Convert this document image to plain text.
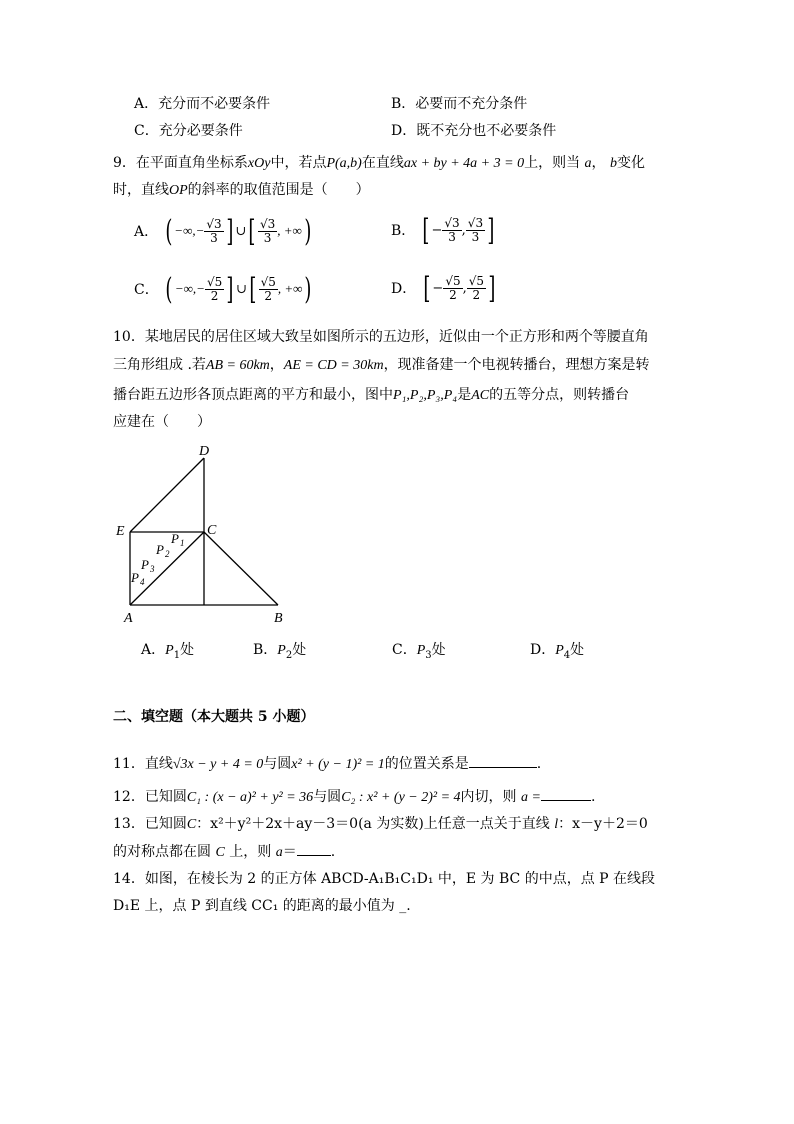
A．充分而不必要条件	B．必要而不充分条件
C．充分必要条件	D．既不充分也不必要条件
9．在平面直角坐标系xOy中，若点P(a,b)在直线ax + by + 4a + 3 = 0上，则当 a， b变化
时，直线OP的斜率的取值范围是（　　）
A． ( −∞,− $\frac{√3}{3}$ ] ∪[ $\frac{√3}{3}$ , +∞)	B． [ − $\frac{√3}{3}$ , $\frac{√3}{3}$ ]
C． ( −∞,− $\frac{√5}{2}$ ] ∪[ $\frac{√5}{2}$ , +∞)	D． [ − $\frac{√5}{2}$ , $\frac{√5}{2}$ ]
10．某地居民的居住区域大致呈如图所示的五边形，近似由一个正方形和两个等腰直角
三角形组成 .若AB = 60km，AE = CD = 30km，现准备建一个电视转播台，理想方案是转
播台距五边形各顶点距离的平方和最小，图中P₁,P₂,P₃,P₄是AC的五等分点，则转播台
应建在（　　）
D
E	C
A	B
P 1
P 2
P 3
P 4
A．$P_1$处	B．$P_2$处	C．$P_3$处	D．$P_4$处
二、填空题（本大题共 5 小题）
11．直线√3x − y + 4 = 0与圆x² + (y − 1)² = 1的位置关系是	.
12．已知圆C₁ : (x − a)² + y² = 36与圆C₂ : x² + (y − 2)² = 4内切，则 a =	.
13．已知圆C：x²＋y²＋2x＋ay－3＝0(a 为实数)上任意一点关于直线 l：x－y＋2＝0
的对称点都在圆 C 上，则 a＝ .
14．如图，在棱长为 2 的正方体 ABCD-A₁B₁C₁D₁ 中，E 为 BC 的中点，点 P 在线段
D₁E 上，点 P 到直线 CC₁ 的距离的最小值为 _.
